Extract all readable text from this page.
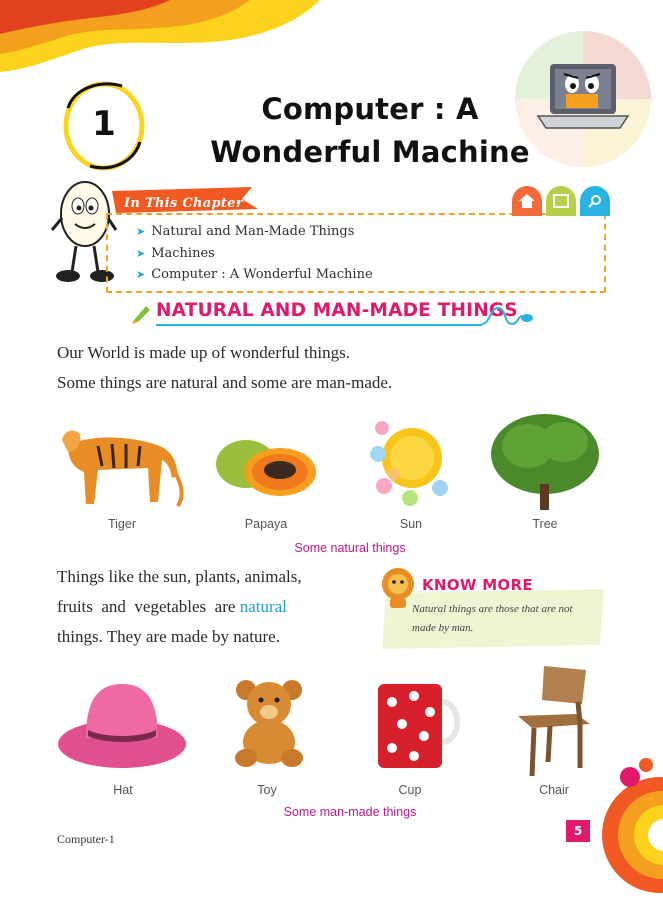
1	Computer : A
Wonderful Machine
In This Chapter
➤ Natural and Man-Made Things
➤ Machines
➤ Computer : A Wonderful Machine
NATURAL AND MAN-MADE THINGS
Our World is made up of wonderful things.
Some things are natural and some are man-made.
Tiger	Papaya	Sun	Tree
Some natural things
Things like the sun, plants, animals,
fruits  and  vegetables  are natural
things. They are made by nature.
KNOW MORE
Natural things are those that are not made by man.
Hat	Toy	Cup	Chair
Some man-made things
Computer-1
5
